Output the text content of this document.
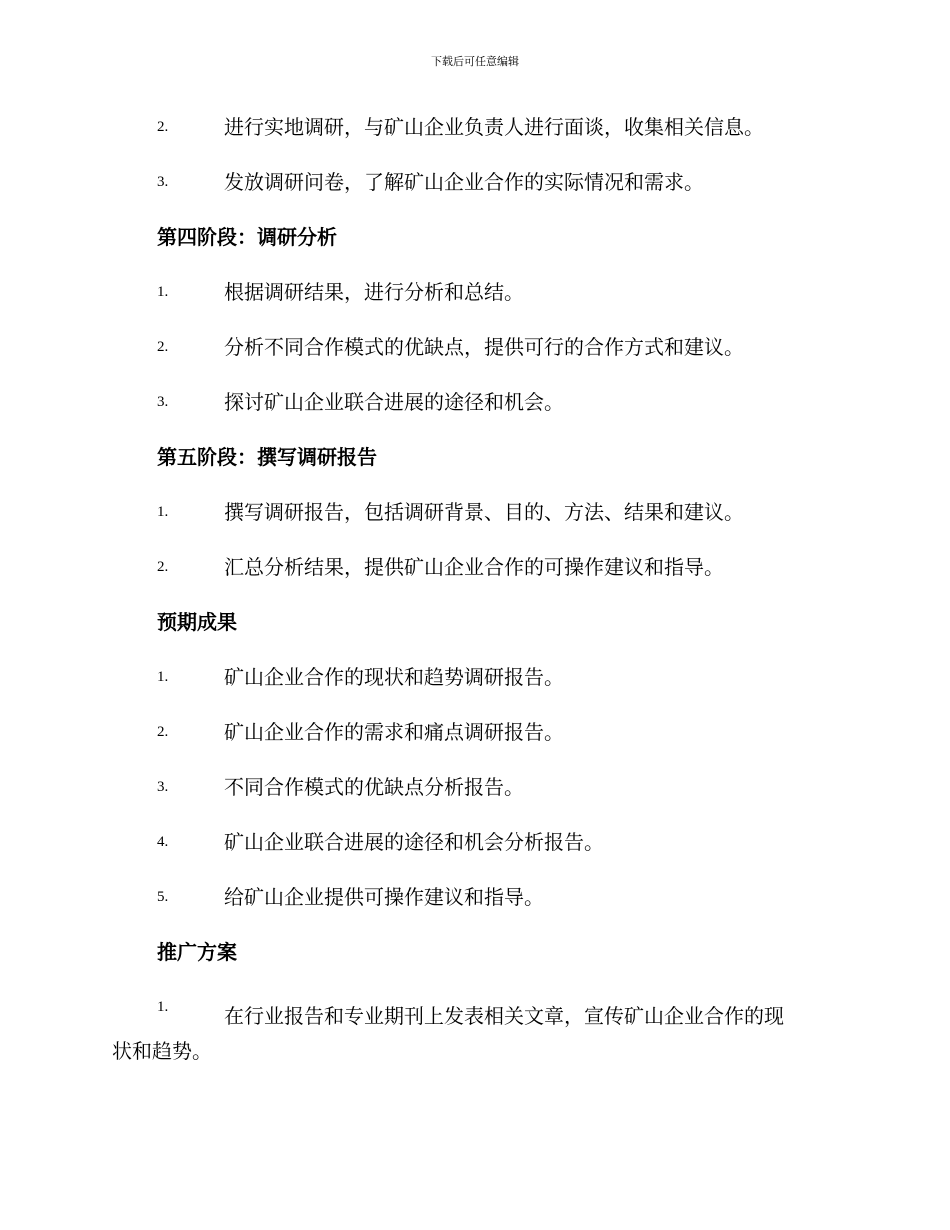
下载后可任意编辑
2.	进行实地调研，与矿山企业负责人进行面谈，收集相关信息。
3.	发放调研问卷，了解矿山企业合作的实际情况和需求。
第四阶段：调研分析
1.	根据调研结果，进行分析和总结。
2.	分析不同合作模式的优缺点，提供可行的合作方式和建议。
3.	探讨矿山企业联合进展的途径和机会。
第五阶段：撰写调研报告
1.	撰写调研报告，包括调研背景、目的、方法、结果和建议。
2.	汇总分析结果，提供矿山企业合作的可操作建议和指导。
预期成果
1.	矿山企业合作的现状和趋势调研报告。
2.	矿山企业合作的需求和痛点调研报告。
3.	不同合作模式的优缺点分析报告。
4.	矿山企业联合进展的途径和机会分析报告。
5.	给矿山企业提供可操作建议和指导。
推广方案
1.	在行业报告和专业期刊上发表相关文章，宣传矿山企业合作的现
状和趋势。
